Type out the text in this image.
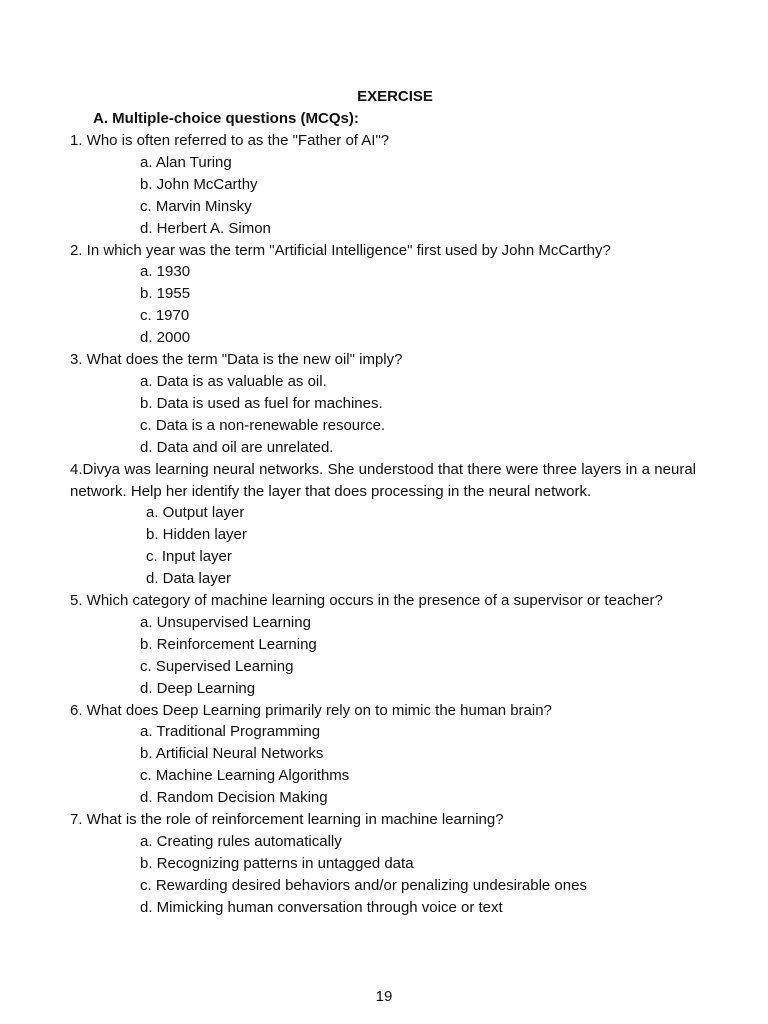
EXERCISE
A. Multiple-choice questions (MCQs):
1. Who is often referred to as the "Father of AI"?
a. Alan Turing
b. John McCarthy
c. Marvin Minsky
d. Herbert A. Simon
2. In which year was the term "Artificial Intelligence" first used by John McCarthy?
a. 1930
b. 1955
c. 1970
d. 2000
3. What does the term "Data is the new oil" imply?
a. Data is as valuable as oil.
b. Data is used as fuel for machines.
c. Data is a non-renewable resource.
d. Data and oil are unrelated.
4.Divya was learning neural networks. She understood that there were three layers in a neural network. Help her identify the layer that does processing in the neural network.
a. Output layer
b. Hidden layer
c. Input layer
d. Data layer
5. Which category of machine learning occurs in the presence of a supervisor or teacher?
a. Unsupervised Learning
b. Reinforcement Learning
c. Supervised Learning
d. Deep Learning
6. What does Deep Learning primarily rely on to mimic the human brain?
a. Traditional Programming
b. Artificial Neural Networks
c. Machine Learning Algorithms
d. Random Decision Making
7. What is the role of reinforcement learning in machine learning?
a. Creating rules automatically
b. Recognizing patterns in untagged data
c. Rewarding desired behaviors and/or penalizing undesirable ones
d. Mimicking human conversation through voice or text
19
